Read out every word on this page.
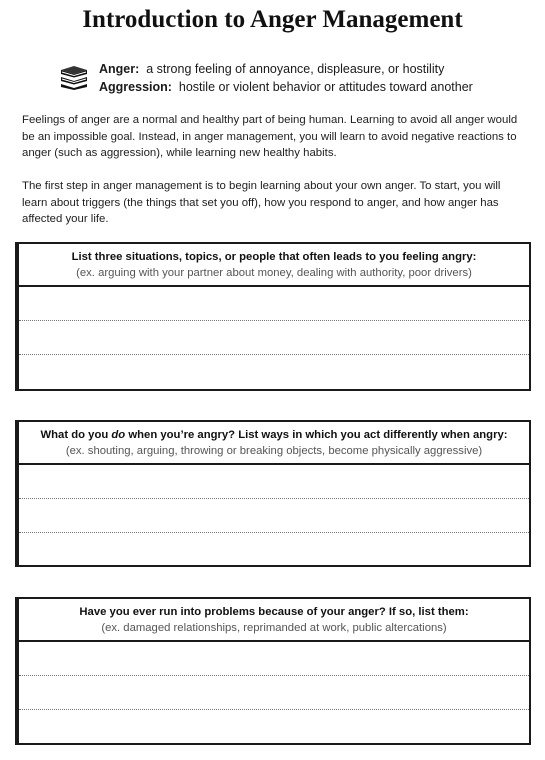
Introduction to Anger Management
Anger: a strong feeling of annoyance, displeasure, or hostility
Aggression: hostile or violent behavior or attitudes toward another
Feelings of anger are a normal and healthy part of being human. Learning to avoid all anger would be an impossible goal. Instead, in anger management, you will learn to avoid negative reactions to anger (such as aggression), while learning new healthy habits.
The first step in anger management is to begin learning about your own anger. To start, you will learn about triggers (the things that set you off), how you respond to anger, and how anger has affected your life.
List three situations, topics, or people that often leads to you feeling angry:
(ex. arguing with your partner about money, dealing with authority, poor drivers)
What do you do when you’re angry? List ways in which you act differently when angry:
(ex. shouting, arguing, throwing or breaking objects, become physically aggressive)
Have you ever run into problems because of your anger? If so, list them:
(ex. damaged relationships, reprimanded at work, public altercations)
